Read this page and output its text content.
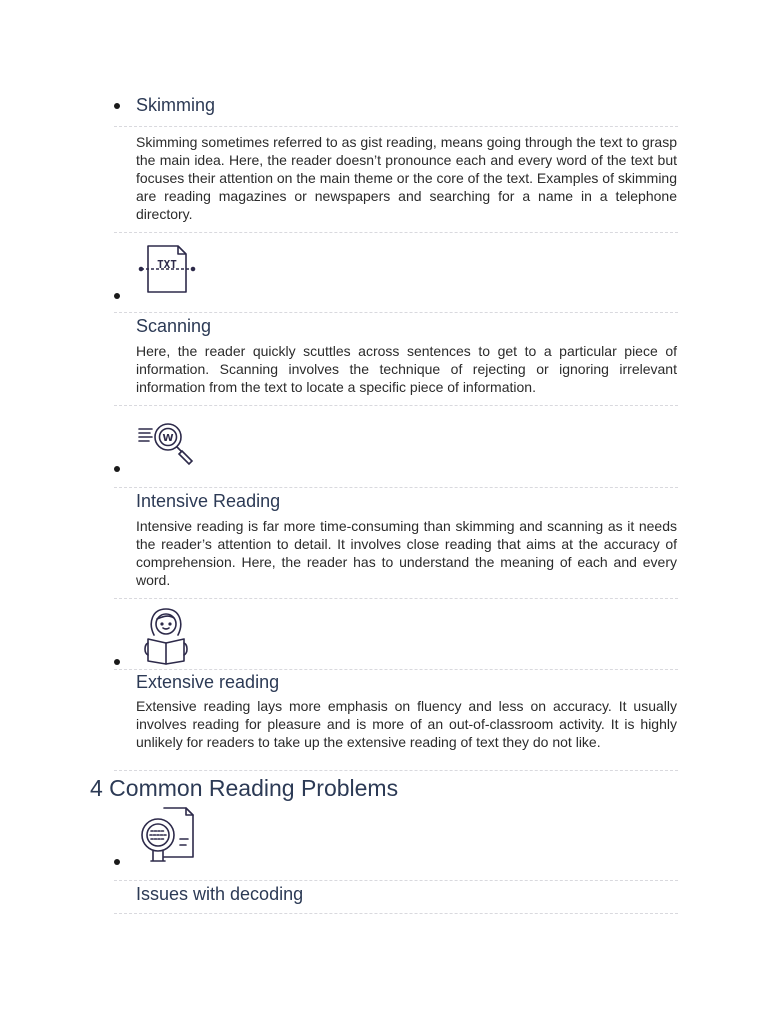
Skimming
Skimming sometimes referred to as gist reading, means going through the text to grasp the main idea. Here, the reader doesn’t pronounce each and every word of the text but focuses their attention on the main theme or the core of the text. Examples of skimming are reading magazines or newspapers and searching for a name in a telephone directory.
TXT
Scanning
Here, the reader quickly scuttles across sentences to get to a particular piece of information. Scanning involves the technique of rejecting or ignoring irrelevant information from the text to locate a specific piece of information.
W
Intensive Reading
Intensive reading is far more time-consuming than skimming and scanning as it needs the reader’s attention to detail. It involves close reading that aims at the accuracy of comprehension. Here, the reader has to understand the meaning of each and every word.
Extensive reading
Extensive reading lays more emphasis on fluency and less on accuracy. It usually involves reading for pleasure and is more of an out-of-classroom activity. It is highly unlikely for readers to take up the extensive reading of text they do not like.
4 Common Reading Problems
Issues with decoding
